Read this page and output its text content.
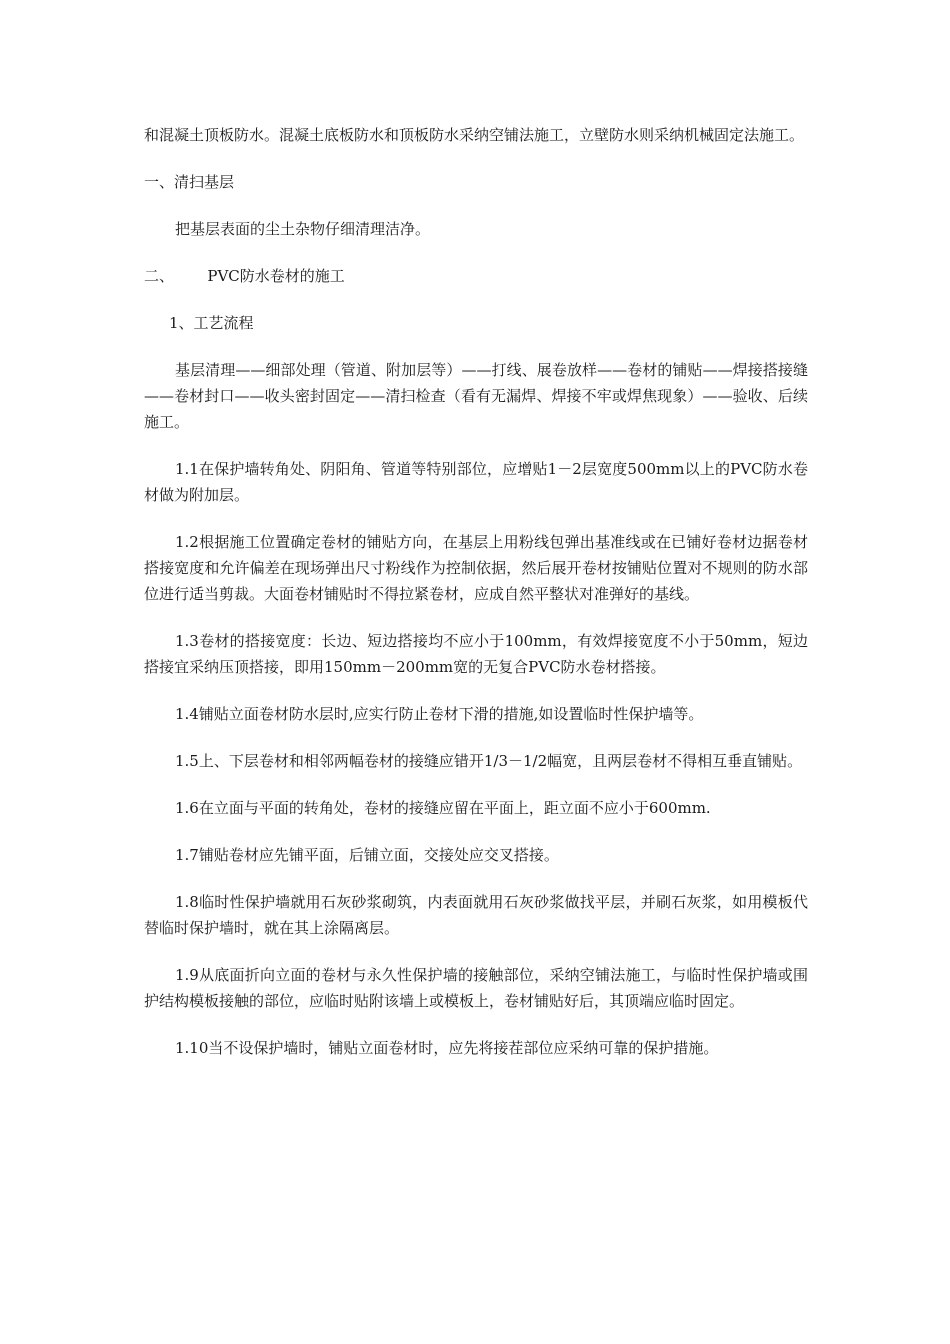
和混凝土顶板防水。混凝土底板防水和顶板防水采纳空铺法施工，立壁防水则采纳机械固定法施工。

一、清扫基层

把基层表面的尘土杂物仔细清理洁净。

二、       PVC防水卷材的施工

1、工艺流程

基层清理——细部处理（管道、附加层等）——打线、展卷放样——卷材的铺贴——焊接搭接缝——卷材封口——收头密封固定——清扫检查（看有无漏焊、焊接不牢或焊焦现象）——验收、后续施工。

1.1在保护墙转角处、阴阳角、管道等特别部位，应增贴1－2层宽度500mm以上的PVC防水卷材做为附加层。

1.2根据施工位置确定卷材的铺贴方向，在基层上用粉线包弹出基准线或在已铺好卷材边据卷材搭接宽度和允许偏差在现场弹出尺寸粉线作为控制依据，然后展开卷材按铺贴位置对不规则的防水部位进行适当剪裁。大面卷材铺贴时不得拉紧卷材，应成自然平整状对准弹好的基线。

1.3卷材的搭接宽度：长边、短边搭接均不应小于100mm，有效焊接宽度不小于50mm，短边搭接宜采纳压顶搭接，即用150mm－200mm宽的无复合PVC防水卷材搭接。

1.4铺贴立面卷材防水层时,应实行防止卷材下滑的措施,如设置临时性保护墙等。

1.5上、下层卷材和相邻两幅卷材的接缝应错开1/3－1/2幅宽，且两层卷材不得相互垂直铺贴。

1.6在立面与平面的转角处，卷材的接缝应留在平面上，距立面不应小于600mm.

1.7铺贴卷材应先铺平面，后铺立面，交接处应交叉搭接。

1.8临时性保护墙就用石灰砂浆砌筑，内表面就用石灰砂浆做找平层，并刷石灰浆，如用模板代替临时保护墙时，就在其上涂隔离层。

1.9从底面折向立面的卷材与永久性保护墙的接触部位，采纳空铺法施工，与临时性保护墙或围护结构模板接触的部位，应临时贴附该墙上或模板上，卷材铺贴好后，其顶端应临时固定。

1.10当不设保护墙时，铺贴立面卷材时，应先将接茬部位应采纳可靠的保护措施。
